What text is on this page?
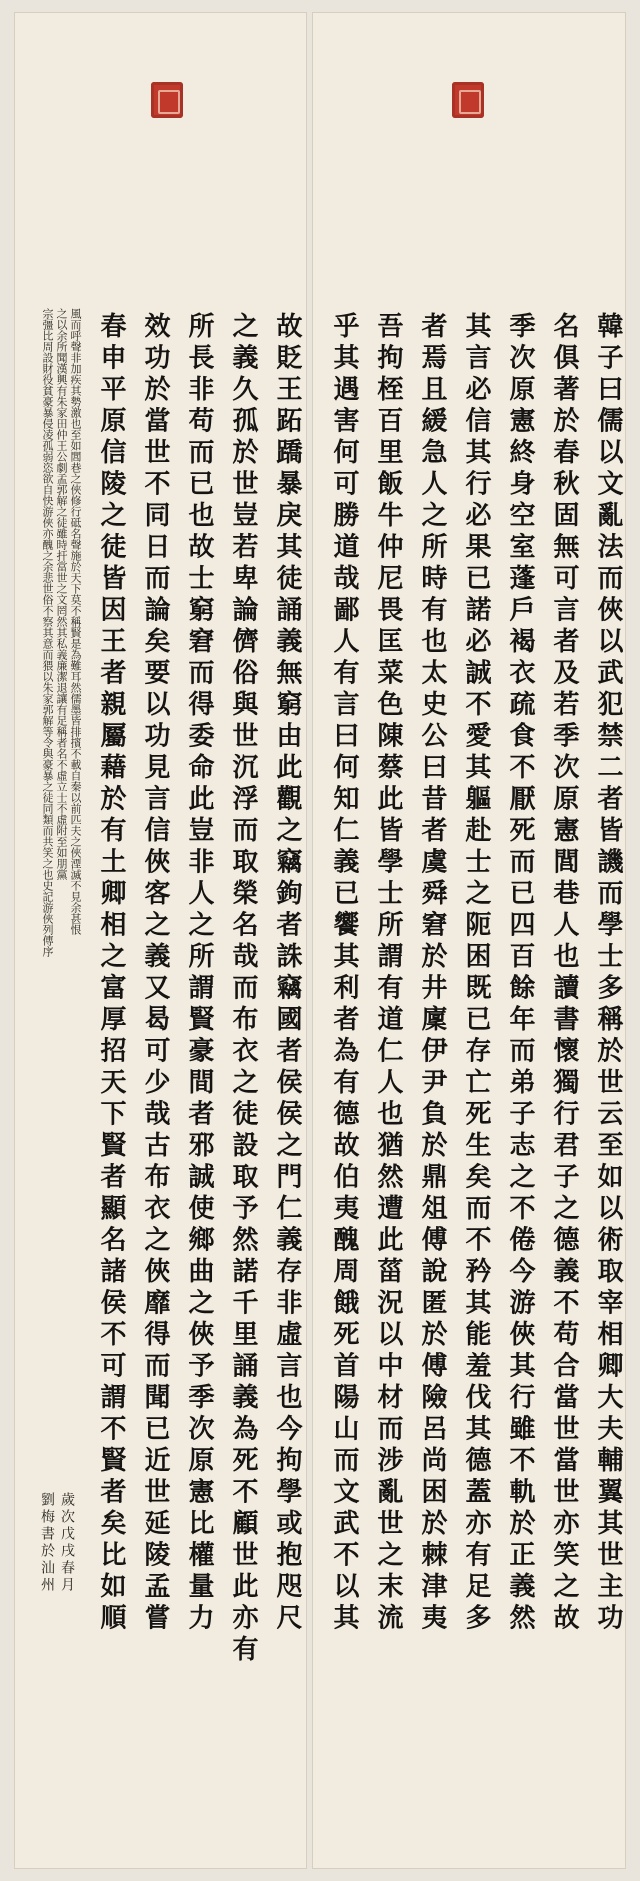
韓子曰儒以文亂法而俠以武犯禁二者皆譏而學士多稱於世云至如以術取宰相卿大夫輔翼其世主功
名俱著於春秋固無可言者及若季次原憲閭巷人也讀書懷獨行君子之德義不苟合當世當世亦笑之故
季次原憲終身空室蓬戶褐衣疏食不厭死而已四百餘年而弟子志之不倦今游俠其行雖不軌於正義然
其言必信其行必果已諾必誠不愛其軀赴士之阨困既已存亡死生矣而不矜其能羞伐其德蓋亦有足多
者焉且緩急人之所時有也太史公曰昔者虞舜窘於井廩伊尹負於鼎俎傅說匿於傅險呂尚困於棘津夷
吾拘桎百里飯牛仲尼畏匡菜色陳蔡此皆學士所謂有道仁人也猶然遭此菑況以中材而涉亂世之末流
乎其遇害何可勝道哉鄙人有言曰何知仁義已饗其利者為有德故伯夷醜周餓死首陽山而文武不以其
故貶王跖蹻暴戾其徒誦義無窮由此觀之竊鉤者誅竊國者侯侯之門仁義存非虛言也今拘學或抱咫尺
之義久孤於世豈若卑論儕俗與世沉浮而取榮名哉而布衣之徒設取予然諾千里誦義為死不顧世此亦有
所長非苟而已也故士窮窘而得委命此豈非人之所謂賢豪間者邪誠使鄉曲之俠予季次原憲比權量力
效功於當世不同日而論矣要以功見言信俠客之義又曷可少哉古布衣之俠靡得而聞已近世延陵孟嘗
春申平原信陵之徒皆因王者親屬藉於有土卿相之富厚招天下賢者顯名諸侯不可謂不賢者矣比如順
風而呼聲非加疾其勢激也至如閭巷之俠修行砥名聲施於天下莫不稱賢是為難耳然儒墨皆排擯不載自秦以前匹夫之俠湮滅不見余甚恨
之以余所聞漢興有朱家田仲王公劇孟郭解之徒雖時扞當世之文罔然其私義廉潔退讓有足稱者名不虛立士不虛附至如朋黨
宗彊比周設財役貧豪暴侵凌孤弱恣欲自快游俠亦醜之余悲世俗不察其意而猥以朱家郭解等令與豪暴之徒同類而共笑之也史記游俠列傳序
歲次戊戌春月
劉梅書於汕州
